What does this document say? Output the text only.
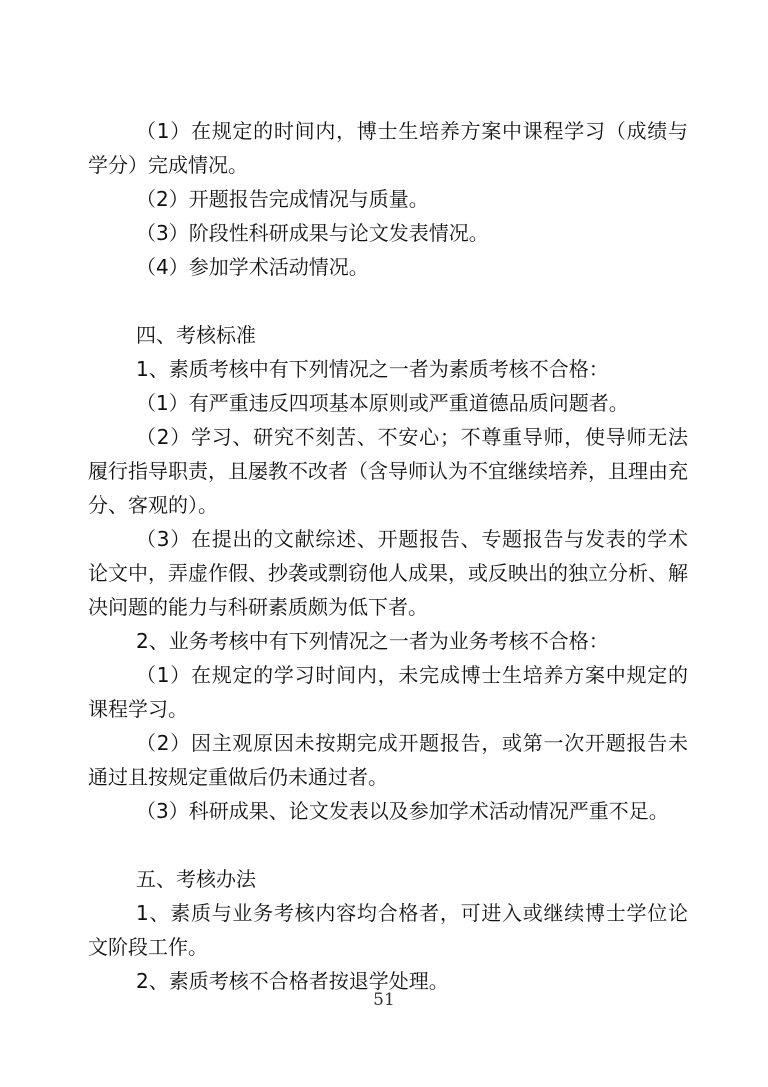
（1）在规定的时间内，博士生培养方案中课程学习（成绩与学分）完成情况。

（2）开题报告完成情况与质量。

（3）阶段性科研成果与论文发表情况。

（4）参加学术活动情况。

四、考核标准

1、素质考核中有下列情况之一者为素质考核不合格：

（1）有严重违反四项基本原则或严重道德品质问题者。

（2）学习、研究不刻苦、不安心；不尊重导师，使导师无法履行指导职责，且屡教不改者（含导师认为不宜继续培养，且理由充分、客观的）。

（3）在提出的文献综述、开题报告、专题报告与发表的学术论文中，弄虚作假、抄袭或剽窃他人成果，或反映出的独立分析、解决问题的能力与科研素质颇为低下者。

2、业务考核中有下列情况之一者为业务考核不合格：

（1）在规定的学习时间内，未完成博士生培养方案中规定的课程学习。

（2）因主观原因未按期完成开题报告，或第一次开题报告未通过且按规定重做后仍未通过者。

（3）科研成果、论文发表以及参加学术活动情况严重不足。

五、考核办法

1、素质与业务考核内容均合格者，可进入或继续博士学位论文阶段工作。

2、素质考核不合格者按退学处理。

51
